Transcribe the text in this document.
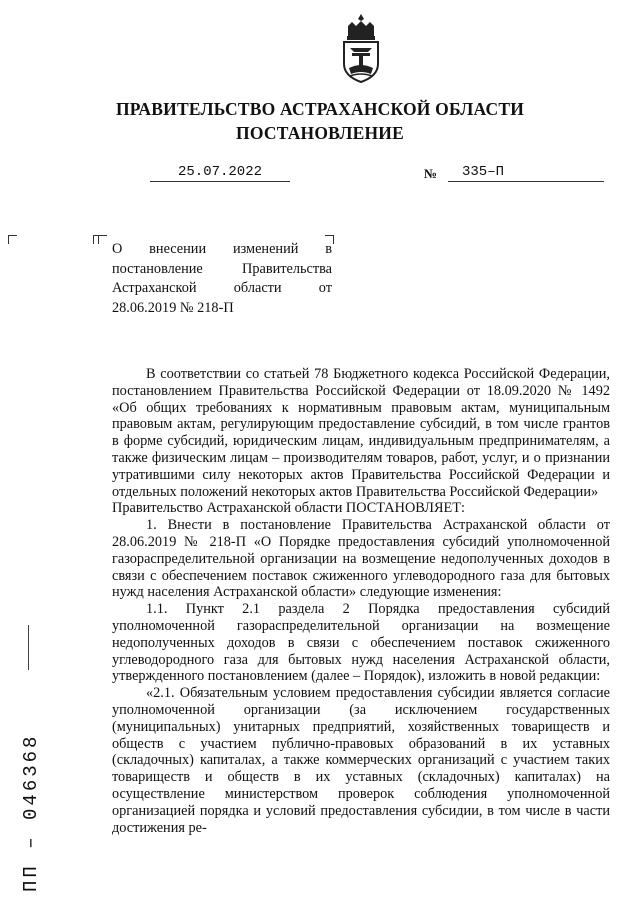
ПРАВИТЕЛЬСТВО АСТРАХАНСКОЙ ОБЛАСТИ
ПОСТАНОВЛЕНИЕ
25.07.2022	№	335–П
О внесении изменений в постановление Правительства Астраханской области от 28.06.2019 № 218-П

В соответствии со статьей 78 Бюджетного кодекса Российской Федерации, постановлением Правительства Российской Федерации от 18.09.2020 № 1492 «Об общих требованиях к нормативным правовым актам, муниципальным правовым актам, регулирующим предоставление субсидий, в том числе грантов в форме субсидий, юридическим лицам, индивидуальным предпринимателям, а также физическим лицам – производителям товаров, работ, услуг, и о признании утратившими силу некоторых актов Правительства Российской Федерации и отдельных положений некоторых актов Правительства Российской Федерации»

Правительство Астраханской области ПОСТАНОВЛЯЕТ:

1. Внести в постановление Правительства Астраханской области от 28.06.2019 № 218-П «О Порядке предоставления субсидий уполномоченной газораспределительной организации на возмещение недополученных доходов в связи с обеспечением поставок сжиженного углеводородного газа для бытовых нужд населения Астраханской области» следующие изменения:

1.1. Пункт 2.1 раздела 2 Порядка предоставления субсидий уполномоченной газораспределительной организации на возмещение недополученных доходов в связи с обеспечением поставок сжиженного углеводородного газа для бытовых нужд населения Астраханской области, утвержденного постановлением (далее – Порядок), изложить в новой редакции:

«2.1. Обязательным условием предоставления субсидии является согласие уполномоченной организации (за исключением государственных (муниципальных) унитарных предприятий, хозяйственных товариществ и обществ с участием публично-правовых образований в их уставных (складочных) капиталах, а также коммерческих организаций с участием таких товариществ и обществ в их уставных (складочных) капиталах) на осуществление министерством проверок соблюдения уполномоченной организацией порядка и условий предоставления субсидии, в том числе в части достижения ре-

ПП – 046368
